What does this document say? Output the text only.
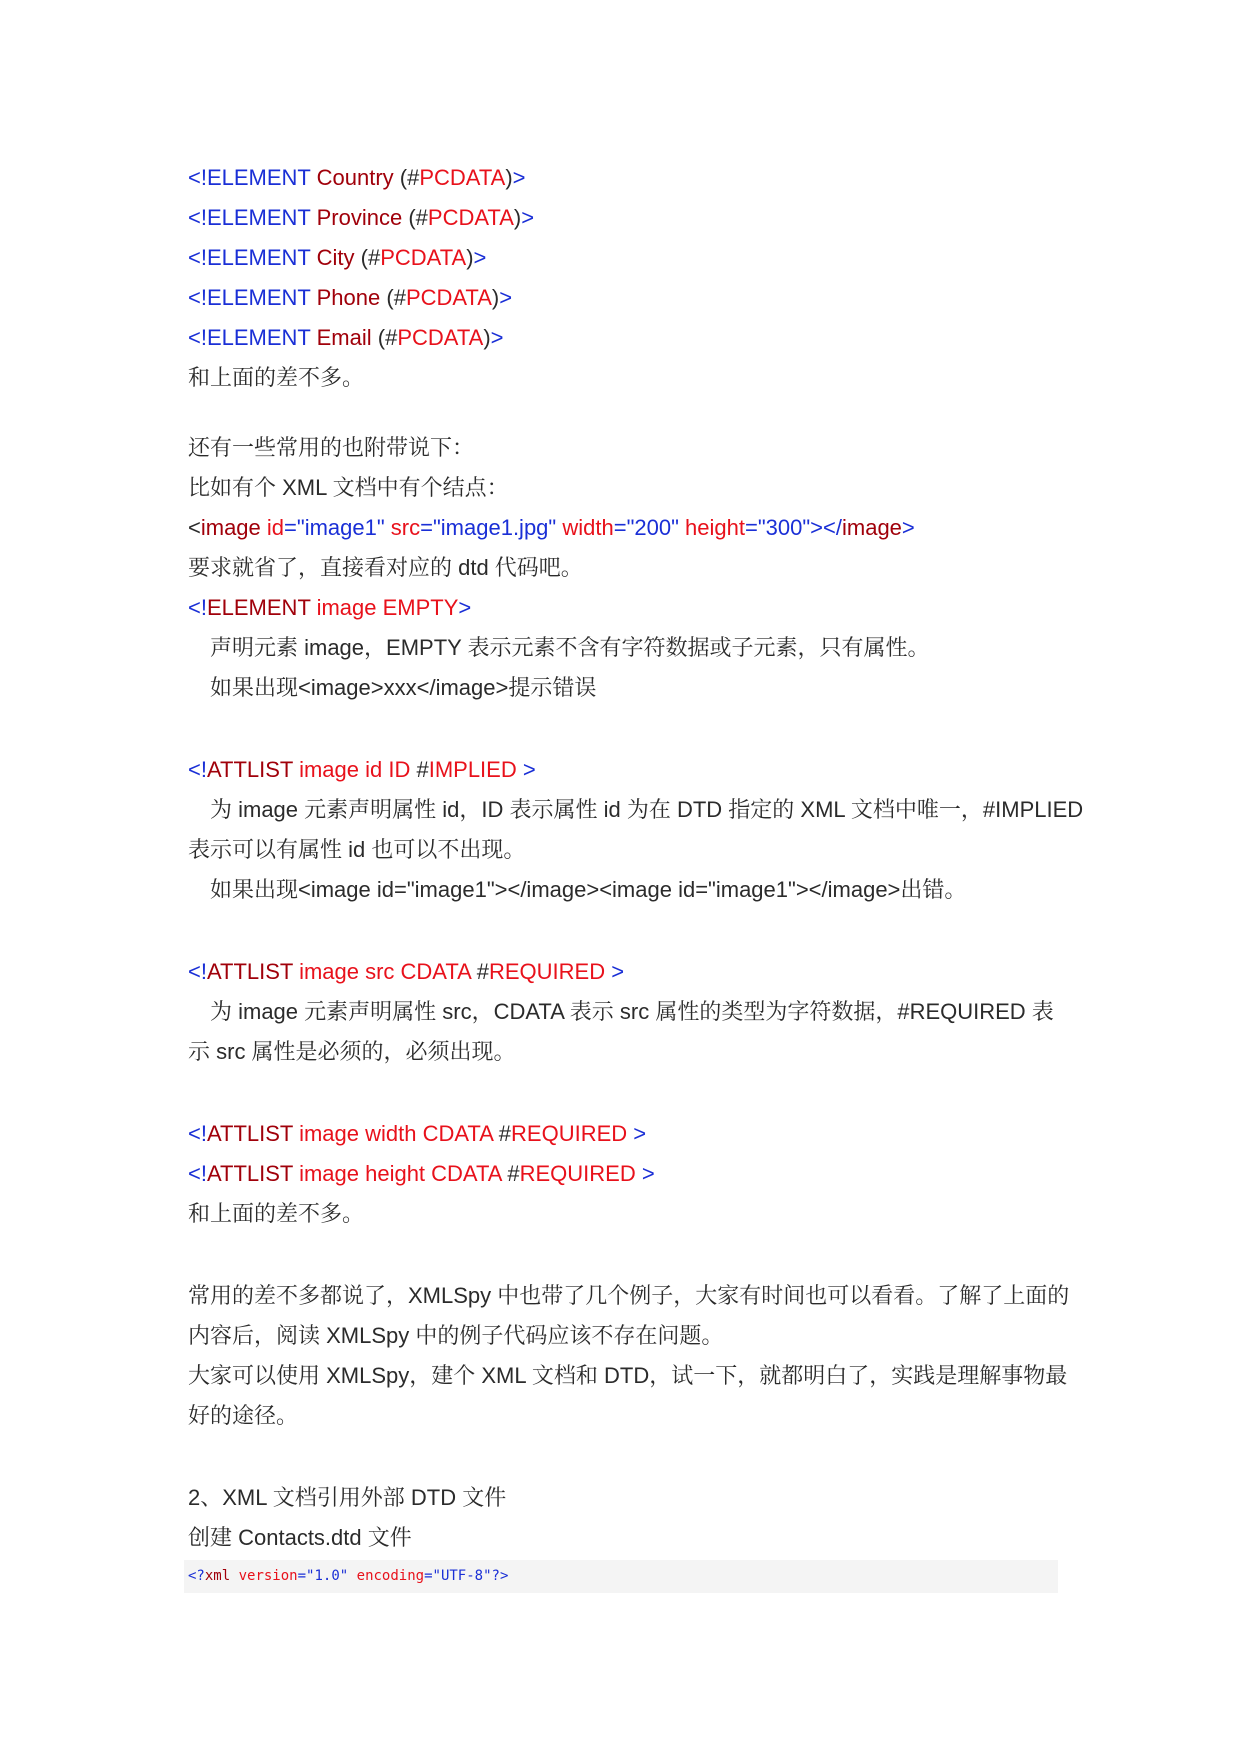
<!ELEMENT Country (#PCDATA)>
<!ELEMENT Province (#PCDATA)>
<!ELEMENT City (#PCDATA)>
<!ELEMENT Phone (#PCDATA)>
<!ELEMENT Email (#PCDATA)>
和上面的差不多。
还有一些常用的也附带说下：
比如有个 XML 文档中有个结点：
<image id="image1" src="image1.jpg" width="200" height="300"></image>
要求就省了，直接看对应的 dtd 代码吧。
<!ELEMENT image EMPTY>
声明元素 image，EMPTY 表示元素不含有字符数据或子元素，只有属性。
如果出现<image>xxx</image>提示错误
<!ATTLIST image id ID #IMPLIED >
为 image 元素声明属性 id，ID 表示属性 id 为在 DTD 指定的 XML 文档中唯一，#IMPLIED
表示可以有属性 id 也可以不出现。
如果出现<image id="image1"></image><image id="image1"></image>出错。
<!ATTLIST image src CDATA #REQUIRED >
为 image 元素声明属性 src，CDATA 表示 src 属性的类型为字符数据，#REQUIRED 表
示 src 属性是必须的，必须出现。
<!ATTLIST image width CDATA #REQUIRED >
<!ATTLIST image height CDATA #REQUIRED >
和上面的差不多。
常用的差不多都说了，XMLSpy 中也带了几个例子，大家有时间也可以看看。了解了上面的
内容后，阅读 XMLSpy 中的例子代码应该不存在问题。
大家可以使用 XMLSpy，建个 XML 文档和 DTD，试一下，就都明白了，实践是理解事物最
好的途径。
2、XML 文档引用外部 DTD 文件
创建 Contacts.dtd 文件
<?xml version="1.0" encoding="UTF-8"?>
